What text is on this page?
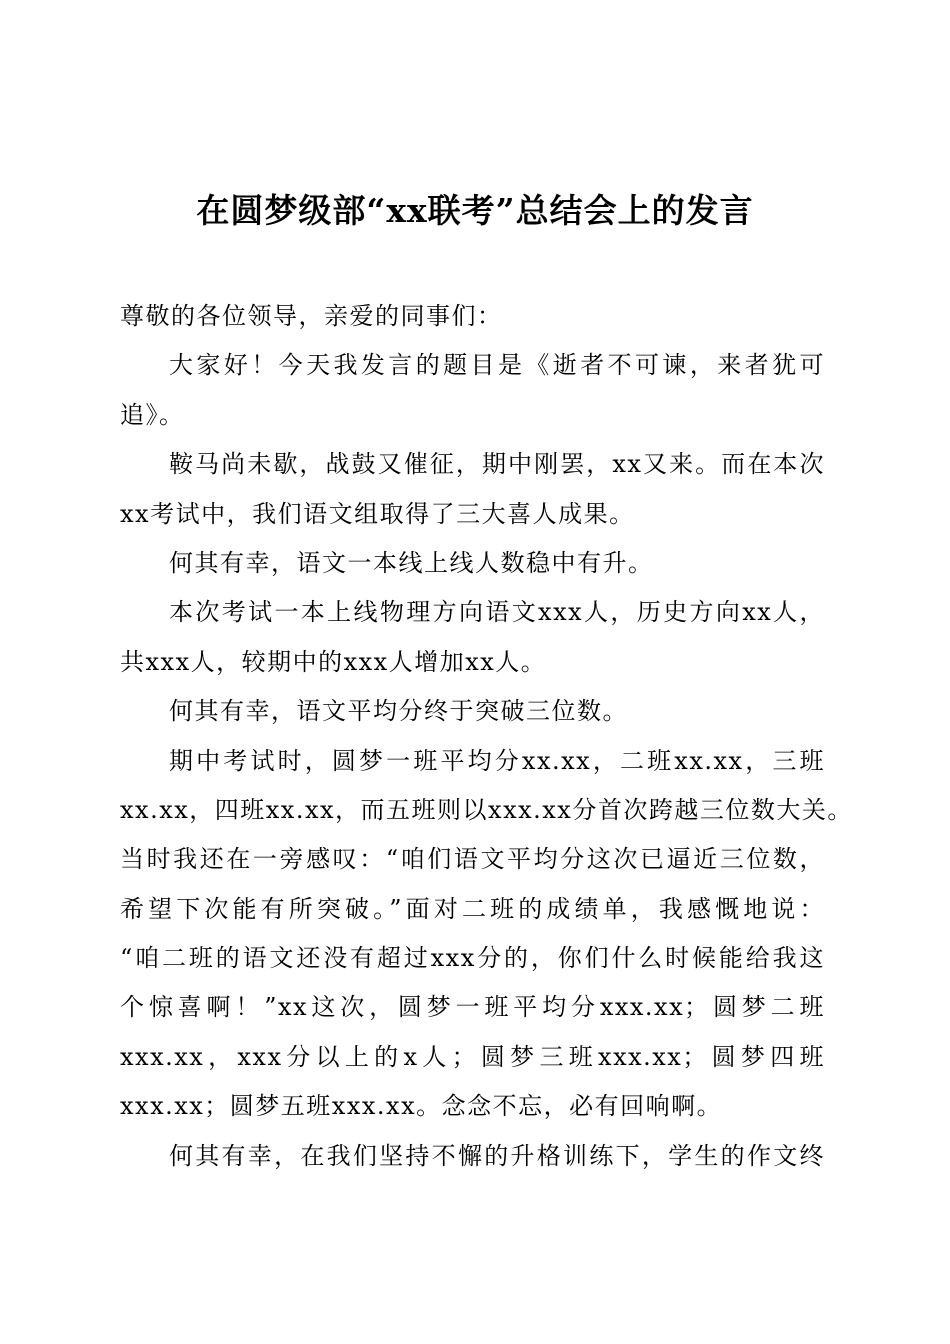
在圆梦级部“xx联考”总结会上的发言
尊敬的各位领导，亲爱的同事们：
大家好！今天我发言的题目是《逝者不可谏，来者犹可
追》。
鞍马尚未歇，战鼓又催征，期中刚罢，xx又来。而在本次
xx考试中，我们语文组取得了三大喜人成果。
何其有幸，语文一本线上线人数稳中有升。
本次考试一本上线物理方向语文xxx人，历史方向xx人，
共xxx人，较期中的xxx人增加xx人。
何其有幸，语文平均分终于突破三位数。
期中考试时，圆梦一班平均分xx.xx，二班xx.xx，三班
xx.xx，四班xx.xx，而五班则以xxx.xx分首次跨越三位数大关。
当时我还在一旁感叹：“咱们语文平均分这次已逼近三位数，
希望下次能有所突破。”面对二班的成绩单，我感慨地说：
“咱二班的语文还没有超过xxx分的，你们什么时候能给我这
个惊喜啊！”xx这次，圆梦一班平均分xxx.xx；圆梦二班
xxx.xx，xxx分以上的x人；圆梦三班xxx.xx；圆梦四班
xxx.xx；圆梦五班xxx.xx。念念不忘，必有回响啊。
何其有幸，在我们坚持不懈的升格训练下，学生的作文终
